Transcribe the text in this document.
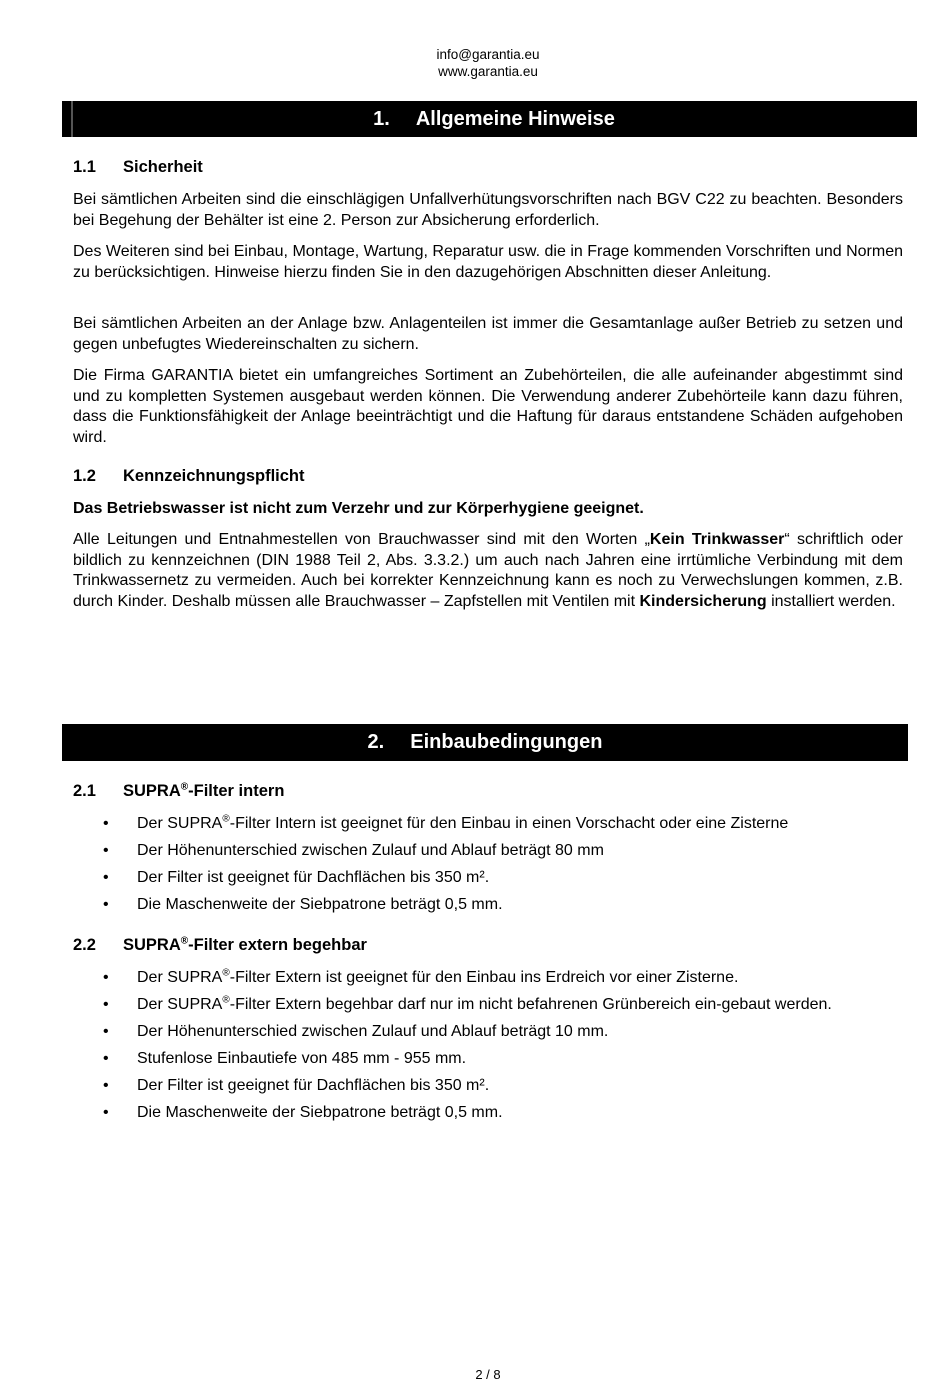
info@garantia.eu
www.garantia.eu
1. Allgemeine Hinweise
1.1 Sicherheit
Bei sämtlichen Arbeiten sind die einschlägigen Unfallverhütungsvorschriften nach BGV C22 zu beachten. Besonders bei Begehung der Behälter ist eine 2. Person zur Absicherung erforderlich.
Des Weiteren sind bei Einbau, Montage, Wartung, Reparatur usw. die in Frage kommenden Vorschriften und Normen zu berücksichtigen. Hinweise hierzu finden Sie in den dazugehörigen Abschnitten dieser Anleitung.
Bei sämtlichen Arbeiten an der Anlage bzw. Anlagenteilen ist immer die Gesamtanlage außer Betrieb zu setzen und gegen unbefugtes Wiedereinschalten zu sichern.
Die Firma GARANTIA bietet ein umfangreiches Sortiment an Zubehörteilen, die alle aufeinander abgestimmt sind und zu kompletten Systemen ausgebaut werden können. Die Verwendung anderer Zubehörteile kann dazu führen, dass die Funktionsfähigkeit der Anlage beeinträchtigt und die Haftung für daraus entstandene Schäden aufgehoben wird.
1.2 Kennzeichnungspflicht
Das Betriebswasser ist nicht zum Verzehr und zur Körperhygiene geeignet.
Alle Leitungen und Entnahmestellen von Brauchwasser sind mit den Worten „Kein Trinkwasser“ schriftlich oder bildlich zu kennzeichnen (DIN 1988 Teil 2, Abs. 3.3.2.) um auch nach Jahren eine irrtümliche Verbindung mit dem Trinkwassernetz zu vermeiden. Auch bei korrekter Kennzeichnung kann es noch zu Verwechslungen kommen, z.B. durch Kinder. Deshalb müssen alle Brauchwasser – Zapfstellen mit Ventilen mit Kindersicherung installiert werden.
2. Einbaubedingungen
2.1 SUPRA®-Filter intern
• Der SUPRA®-Filter Intern ist geeignet für den Einbau in einen Vorschacht oder eine Zisterne
• Der Höhenunterschied zwischen Zulauf und Ablauf beträgt 80 mm
• Der Filter ist geeignet für Dachflächen bis 350 m².
• Die Maschenweite der Siebpatrone beträgt 0,5 mm.
2.2 SUPRA®-Filter extern begehbar
• Der SUPRA®-Filter Extern ist geeignet für den Einbau ins Erdreich vor einer Zisterne.
• Der SUPRA®-Filter Extern begehbar darf nur im nicht befahrenen Grünbereich ein-gebaut werden.
• Der Höhenunterschied zwischen Zulauf und Ablauf beträgt 10 mm.
• Stufenlose Einbautiefe von 485 mm - 955 mm.
• Der Filter ist geeignet für Dachflächen bis 350 m².
• Die Maschenweite der Siebpatrone beträgt 0,5 mm.
2 / 8
